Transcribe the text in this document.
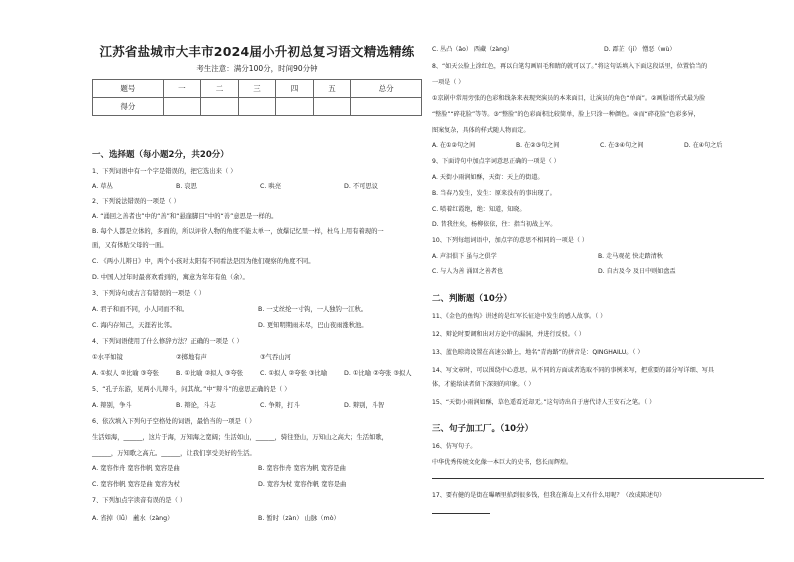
江苏省盐城市大丰市2024届小升初总复习语文精选精练
考生注意：满分100分，时间90分钟
题号	一	二	三	四	五	总分
得分						
一、选择题（每小题2分，共20分）
1、下列词语中有一个字是错误的，把它选出来（ ）
A. 草丛	B. 哀思	C. 哄亮	D. 不可思议
2、下列说法错误的一项是（ ）
A. “涌回之善者也”中的“善”和“悬崖脚目”中的“善”意思是一样的。
B. 每个人都是立体的，多面的，所以评价人物的角度不能太单一，放爆记忆里一样，杜鸟上用有着现的一
面，又有体贴父母的一面。
C. 《两小儿辩日》中，两个小孩对太阳有不同看法是因为他们观察的角度不同。
D. 中国人过年时最喜欢看到的，寓意为年年有鱼（余）。
3、下列诗句或古言有错误的一项是（ ）
A. 君子和而不同，小人同而不和。	B. 一丈丝纶一寸钩，一人独钓一江秋。
C. 海内存知己，天涯若比邻。	D. 更知明期雨未尽，巴山夜雨涨秋池。
4、下列词语使用了什么修辞方法？正确的一项是（ ）
①水平如镜	②掷地有声	③气吞山河
A. ①拟人 ②比喻 ③夸张	B. ①比喻 ②拟人 ③夸张	C. ①拟人 ②夸张 ③比喻	D. ①比喻 ②夸张 ③拟人
5、“孔子东游，见两小儿辩斗，问其故。”中“辩斗”的意思正确的是（ ）
A. 辩别，争斗	B. 辩论，斗志	C. 争辩，打斗	D. 辩别，斗智
6、依次填入下列句子空格处的词语，最恰当的一项是（ ）
生活如海，______，这片于海，万知海之宽阔；生活如山，______，骑往登山，万知山之高大；生活如歌，
______，万知歌之高亢。______，让我们享受美好的生活。
A. 宽容作舟 宽容作帆 宽容是曲	B. 宽容作舟 宽容为帆 宽容是曲
C. 宽容作帆 宽容是曲 宽容为杖	D. 宽容为杖 宽容作帆 宽容是曲
7、下列加点字读音有误的是（ ）
A. 省掉（lǚ） 蘸水（zàng）	B. 暂时（zàn） 山脉（mò）
C. 丛凸（ǎo） 西藏（zàng）	D. 霹芷（jí） 憎恶（wù）
8、“如天公脸上涂红色，再以白笔勾画眉毛和睛的就可以了。”将这句话填入下面这段话里，位置恰当的
一项是（ ）
①京剧中常用旁张的色彩和线条来表现突演员的本来面目，让演员的角色“单面”。②画脸谱所式最为脸
“整脸”“碎花脸”等等。③“整脸”的色彩面积比较简单，脸上只涂一种颜色。④而“碎花脸”色彩多异，
图案复杂，具体的样式随人物而定。
A. 在①②句之间	B. 在②③句之间	C. 在③④句之间	D. 在④句之后
9、下面诗句中加点字词意思正确的一项是（ ）
A. 天街小雨润如酥，天街：天上的街道。
B. 当春乃发生，发生：原来没有的事出现了。
C. 喷着红霞绝，绝：知道，知晓。
D. 昔我往矣，杨柳依依，往：指当初战上军。
10、下列每组词语中，加点字的意思不相同的一项是（ ）
A. 声泪俱下 虽与之俱学	B. 走马观花 快走踏清秋
C. 与人为善 涌回之善者也	D. 自古及今 及日中则如盘盂
二、判断题（10分）
11、《金色的鱼钩》讲述的是红军长征途中发生的感人故事。（ ）
12、辩论时要调和出对方论中的漏洞，并进行反驳。（ ）
13、蓝色晾湾设置在高速公路上，地名“青海路”的拼音是：QINGHAILU。（ ）
14、写文章时，可以围绕中心意思，从不同的方面或者选取不同的事例来写，把重要的部分写详细、写具
体，才能给读者留下深刻的印象。（ ）
15、“天街小雨润如酥，草色遥看近却无。”这句诗出自于唐代诗人王安石之笔。（ ）
三、句子加工厂。（10分）
16、仿写句子。
中华优秀传统文化像一本巨大的史书，悠长而辉煌。
17、要有健的是街在曝晒里掐到很多钱，但我在渐岛上又有什么用呢？（改成陈述句）
